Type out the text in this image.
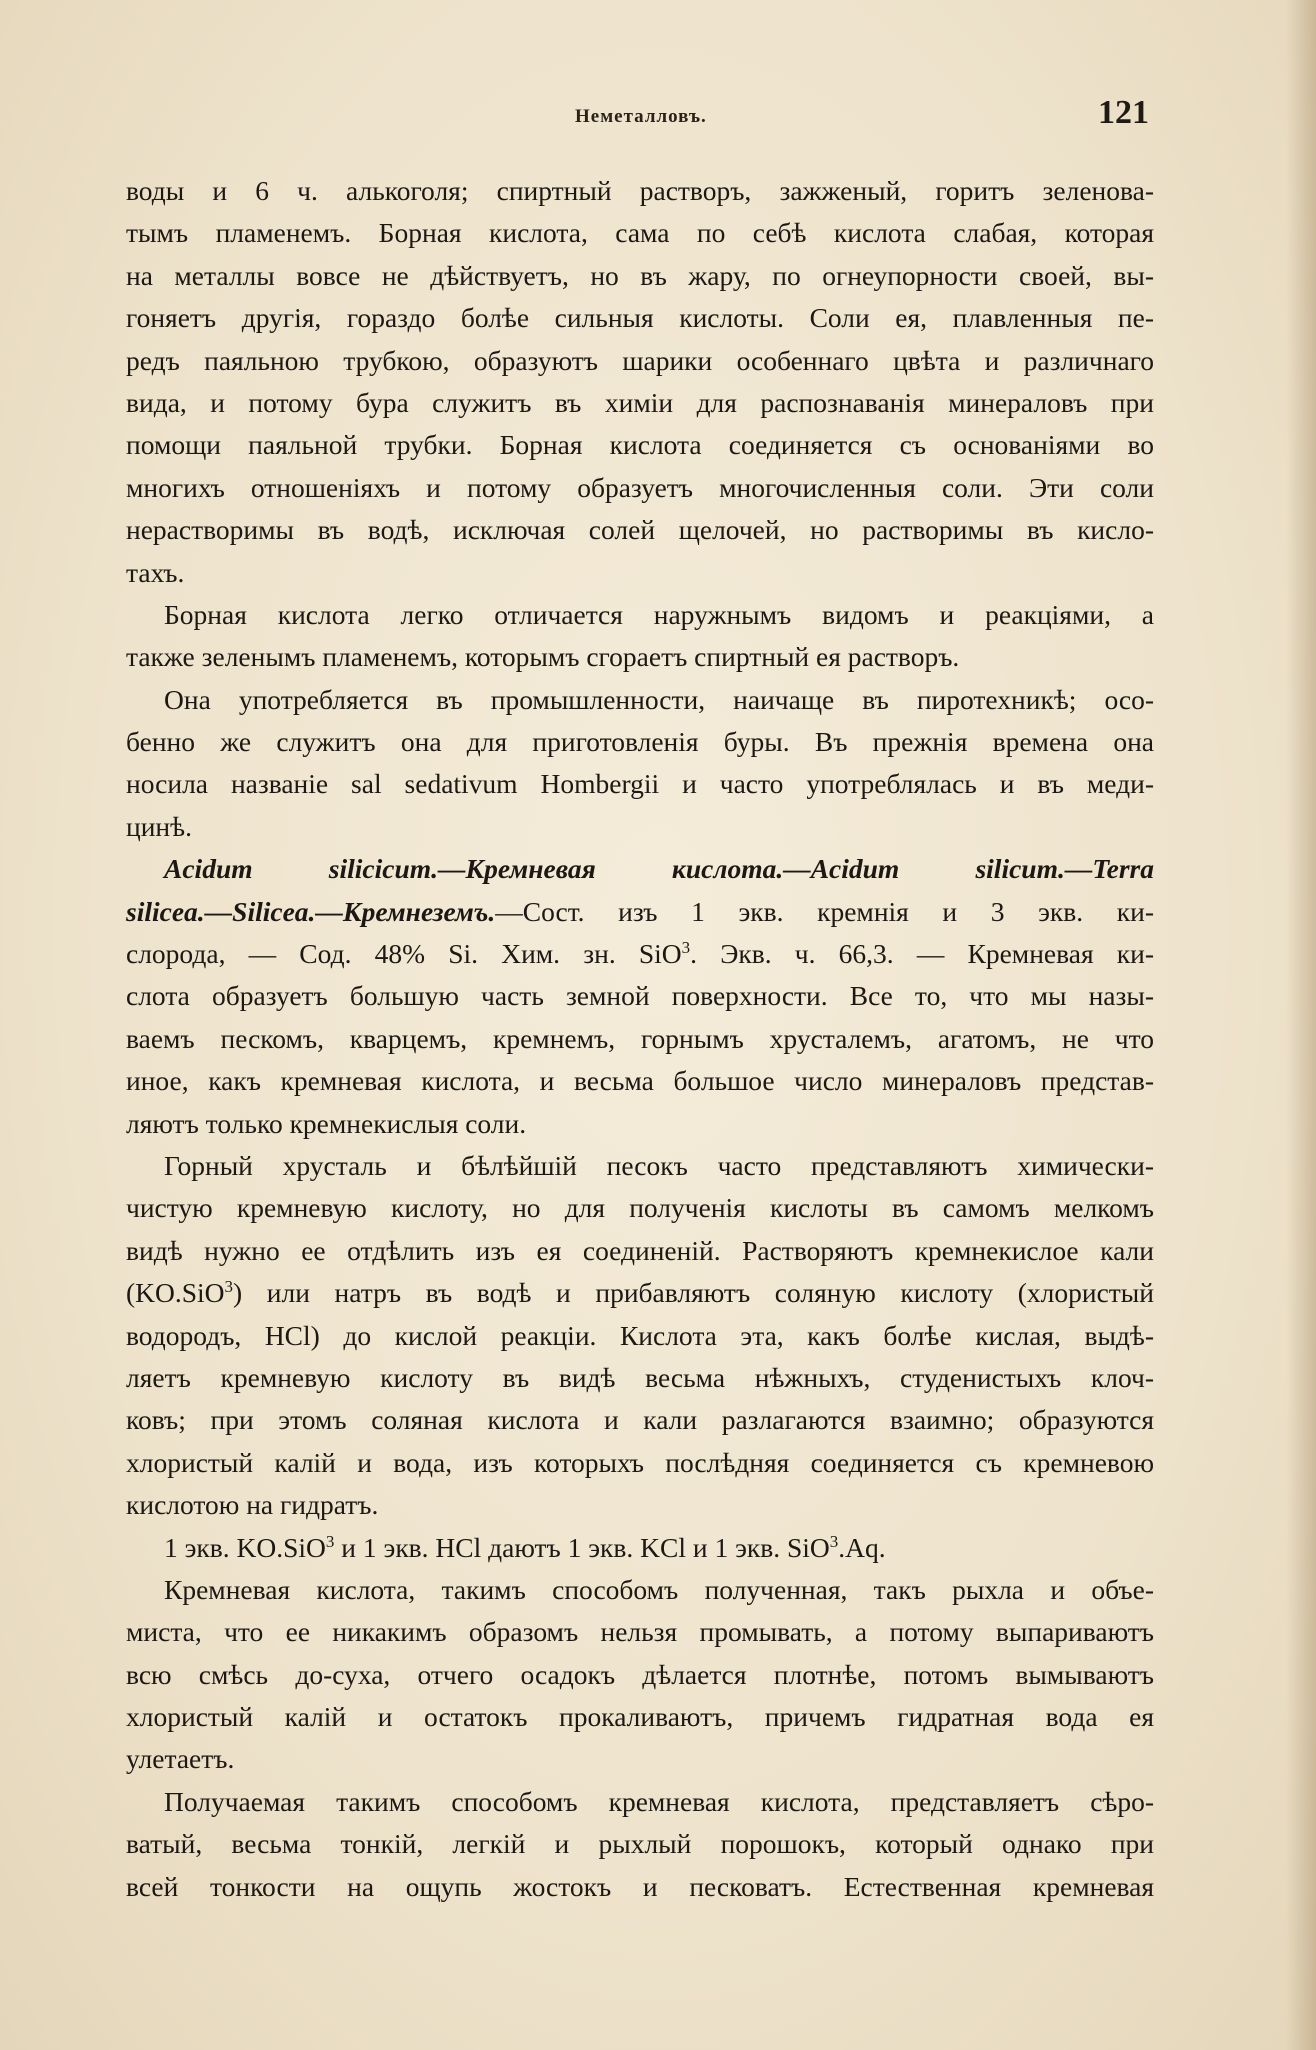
Неметалловъ.	121
воды и 6 ч. алькоголя; спиртный растворъ, зажженый, горитъ зеленова-
тымъ пламенемъ. Борная кислота, сама по себѣ кислота слабая, которая
на металлы вовсе не дѣйствуетъ, но въ жару, по огнеупорности своей, вы-
гоняетъ другія, гораздо болѣе сильныя кислоты. Соли ея, плавленныя пе-
редъ паяльною трубкою, образуютъ шарики особеннаго цвѣта и различнаго
вида, и потому бура служитъ въ химіи для распознаванія минераловъ при
помощи паяльной трубки. Борная кислота соединяется съ основаніями во
многихъ отношеніяхъ и потому образуетъ многочисленныя соли. Эти соли
нерастворимы въ водѣ, исключая солей щелочей, но растворимы въ кисло-
тахъ.
Борная кислота легко отличается наружнымъ видомъ и реакціями, а
также зеленымъ пламенемъ, которымъ сгораетъ спиртный ея растворъ.
Она употребляется въ промышленности, наичаще въ пиротехникѣ; осо-
бенно же служитъ она для приготовленія буры. Въ прежнія времена она
носила названіе sal sedativum Hombergii и часто употреблялась и въ меди-
цинѣ.
Acidum silicicum.—Кремневая кислота.—Acidum silicum.—Terra
silicea.—Silicea.—Кремнеземъ.—Сост. изъ 1 экв. кремнія и 3 экв. ки-
слорода, — Сод. 48% Si. Хим. зн. SiO$^3$. Экв. ч. 66,3. — Кремневая ки-
слота образуетъ большую часть земной поверхности. Все то, что мы назы-
ваемъ пескомъ, кварцемъ, кремнемъ, горнымъ хрусталемъ, агатомъ, не что
иное, какъ кремневая кислота, и весьма большое число минераловъ представ-
ляютъ только кремнекислыя соли.
Горный хрусталь и бѣлѣйшій песокъ часто представляютъ химически-
чистую кремневую кислоту, но для полученія кислоты въ самомъ мелкомъ
видѣ нужно ее отдѣлить изъ ея соединеній. Растворяютъ кремнекислое кали
(KO.SiO$^3$) или натръ въ водѣ и прибавляютъ соляную кислоту (хлористый
водородъ, HCl) до кислой реакціи. Кислота эта, какъ болѣе кислая, выдѣ-
ляетъ кремневую кислоту въ видѣ весьма нѣжныхъ, студенистыхъ клоч-
ковъ; при этомъ соляная кислота и кали разлагаются взаимно; образуются
хлористый калій и вода, изъ которыхъ послѣдняя соединяется съ кремневою
кислотою на гидратъ.
1 экв. KO.SiO$^3$ и 1 экв. HCl даютъ 1 экв. KCl и 1 экв. SiO$^3$.Aq.
Кремневая кислота, такимъ способомъ полученная, такъ рыхла и объе-
миста, что ее никакимъ образомъ нельзя промывать, а потому выпариваютъ
всю смѣсь до-суха, отчего осадокъ дѣлается плотнѣе, потомъ вымываютъ
хлористый калій и остатокъ прокаливаютъ, причемъ гидратная вода ея
улетаетъ.
Получаемая такимъ способомъ кремневая кислота, представляетъ сѣро-
ватый, весьма тонкій, легкій и рыхлый порошокъ, который однако при
всей тонкости на ощупь жостокъ и песковатъ. Естественная кремневая
